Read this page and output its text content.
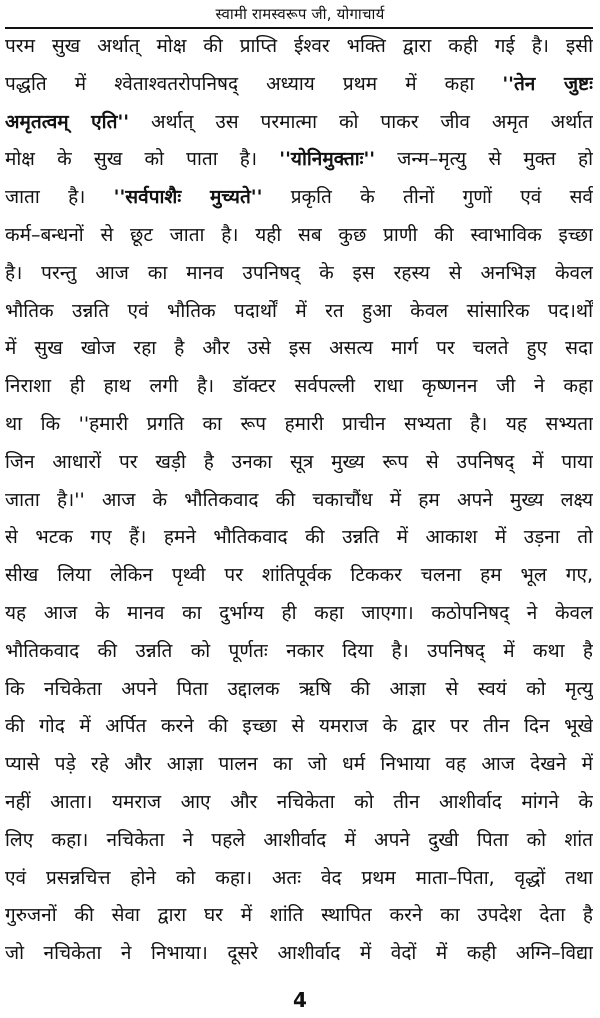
स्वामी रामस्वरूप जी, योगाचार्य
परम सुख अर्थात् मोक्ष की प्राप्ति ईश्वर भक्ति द्वारा कही गई है। इसी
पद्धति में श्वेताश्वतरोपनिषद् अध्याय प्रथम में कहा ''तेन जुष्टः
अमृतत्वम् एति'' अर्थात् उस परमात्मा को पाकर जीव अमृत अर्थात
मोक्ष के सुख को पाता है। ''योनिमुक्ताः'' जन्म–मृत्यु से मुक्त हो
जाता है। ''सर्वपाशैः मुच्यते'' प्रकृति के तीनों गुणों एवं सर्व
कर्म–बन्धनों से छूट जाता है। यही सब कुछ प्राणी की स्वाभाविक इच्छा
है। परन्तु आज का मानव उपनिषद् के इस रहस्य से अनभिज्ञ केवल
भौतिक उन्नति एवं भौतिक पदार्थों में रत हुआ केवल सांसारिक पद।र्थों
में सुख खोज रहा है और उसे इस असत्य मार्ग पर चलते हुए सदा
निराशा ही हाथ लगी है। डॉक्टर सर्वपल्ली राधा कृष्णनन जी ने कहा
था कि ''हमारी प्रगति का रूप हमारी प्राचीन सभ्यता है। यह सभ्यता
जिन आधारों पर खड़ी है उनका सूत्र मुख्य रूप से उपनिषद् में पाया
जाता है।'' आज के भौतिकवाद की चकाचौंध में हम अपने मुख्य लक्ष्य
से भटक गए हैं। हमने भौतिकवाद की उन्नति में आकाश में उड़ना तो
सीख लिया लेकिन पृथ्वी पर शांतिपूर्वक टिककर चलना हम भूल गए,
यह आज के मानव का दुर्भाग्य ही कहा जाएगा। कठोपनिषद् ने केवल
भौतिकवाद की उन्नति को पूर्णतः नकार दिया है। उपनिषद् में कथा है
कि नचिकेता अपने पिता उद्दालक ऋषि की आज्ञा से स्वयं को मृत्यु
की गोद में अर्पित करने की इच्छा से यमराज के द्वार पर तीन दिन भूखे
प्यासे पड़े रहे और आज्ञा पालन का जो धर्म निभाया वह आज देखने में
नहीं आता। यमराज आए और नचिकेता को तीन आशीर्वाद मांगने के
लिए कहा। नचिकेता ने पहले आशीर्वाद में अपने दुखी पिता को शांत
एवं प्रसन्नचित्त होने को कहा। अतः वेद प्रथम माता–पिता, वृद्धों तथा
गुरुजनों की सेवा द्वारा घर में शांति स्थापित करने का उपदेश देता है
जो नचिकेता ने निभाया। दूसरे आशीर्वाद में वेदों में कही अग्नि–विद्या
4
